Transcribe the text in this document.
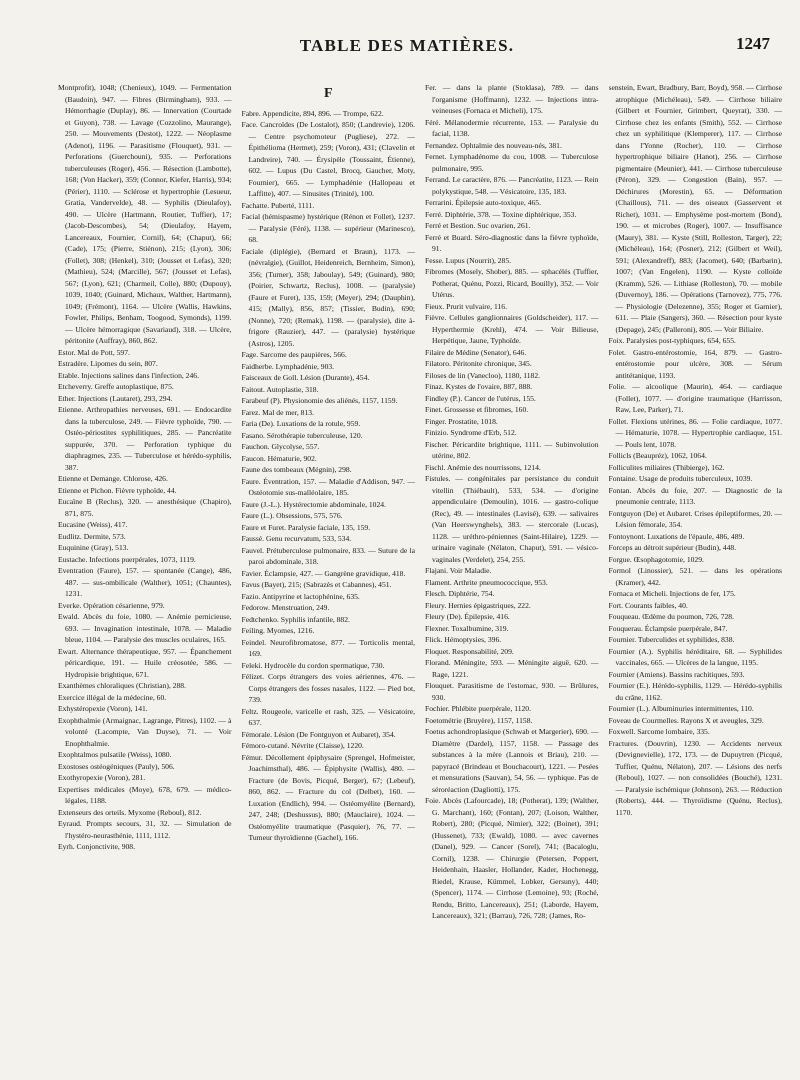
TABLE DES MATIÈRES.	1247

Montprofit), 1048; (Chenieux), 1049. — Fermentation (Baudoin), 947. — Fibres (Birmingham), 933. — Hémorrhagie (Duplay), 86. — Innervation (Courtade et Guyon), 738. — Lavage (Cozzolino, Maurange), 250. — Mouvements (Destot), 1222. — Néoplasme (Adenot), 1196. — Parasitisme (Flouquet), 931. — Perforations (Guerchouni), 935. — Perforations tuberculeuses (Roger), 456. — Résection (Lambotte), 168; (Von Hacker), 359; (Connor, Kiefer, Harris), 934; (Périer), 1110. — Sclérose et hypertrophie (Lesueur, Gratia, Vandervelde), 48. — Syphilis (Dieulafoy), 490. — Ulcère (Hartmann, Routier, Tuffier), 17; (Jacob-Descombes), 54; (Dieulafoy, Hayem, Lancereaux, Fournier, Cornil), 64; (Chaput), 66; (Cade), 175; (Pierre, Stiénon), 215; (Lyon), 306; (Follet), 308; (Henkel), 310; (Jousset et Lefas), 320; (Mathieu), 524; (Marcille), 567; (Jousset et Lefas), 567; (Lyon), 621; (Charmeil, Colle), 880; (Dupouy), 1039, 1040; (Guinard, Michaux, Walther, Hartmann), 1049; (Frémont), 1164. — Ulcère (Wallis, Hawkins, Fowler, Philips, Benham, Toogood, Symonds), 1199. — Ulcère hémorragique (Savariaud), 318. — Ulcère, péritonite (Auffray), 860, 862.

Estor. Mal de Pott, 597.

Estradère. Lipomes du sein, 807.

Etable. Injections salines dans l'infection, 246.

Etcheverry. Greffe autoplastique, 875.

Ether. Injections (Lautaret), 293, 294.

Etienne. Arthropathies nerveuses, 691. — Endocardite dans la tuberculose, 249. — Fièvre typhoïde, 790. — Ostéo-périostites syphilitiques, 285. — Pancréatite suppurée, 370. — Perforation typhique du diaphragmes, 235. — Tuberculose et hérédo-syphilis, 387.

Etienne et Demange. Chlorose, 426.

Etienne et Pichon. Fièvre typhoïde, 44.

Eucaïne B (Reclus), 320. — anesthésique (Chapiro), 871, 875.

Eucasine (Weiss), 417.

Eudlitz. Dermite, 573.

Euquinine (Gray), 513.

Eustache. Infections puerpérales, 1073, 1119.

Eventration (Faure), 157. — spontanée (Cange), 486, 487. — sus-ombilicale (Walther), 1051; (Chauntes), 1231.

Everke. Opération césarienne, 979.

Ewald. Abcès du foie, 1080. — Anémie pernicieuse, 693. — Invagination intestinale, 1078. — Maladie bleue, 1104. — Paralysie des muscles oculaires, 165.

Ewart. Alternance thérapeutique, 957. — Épanchement péricardique, 191. — Huile créosotée, 586. — Hydropisie brightique, 671.

Exanthèmes chloraliques (Christian), 288.

Exercice illégal de la médecine, 60.

Exhystéropexie (Voron), 141.

Exophthalmie (Armaignac, Lagrange, Pitres), 1102. — à volonté (Lacompte, Van Duyse), 71. — Voir Enophthalmie.

Exophtalmos pulsatile (Weiss), 1080.

Exostoses ostéogéniques (Pauly), 506.

Exothyropexie (Voron), 281.

Expertises médicales (Moye), 678, 679. — médico-légales, 1188.

Extenseurs des orteils. Myxome (Reboul), 812.

Eyraud. Prompts secours, 31, 32. — Simulation de l'hystéro-neurasthénie, 1111, 1112.

Eyrh. Conjonctivite, 908.

F

Fabre. Appendicite, 894, 896. — Trompe, 622.

Face. Cancroïdes (De Lostalot), 850; (Landrevie), 1206. — Centre psychomoteur (Pugliese), 272. — Épithélioma (Hermet), 259; (Voron), 431; (Clavelin et Landreire), 740. — Érysipèle (Toussaint, Étienne), 602. — Lupus (Du Castel, Brocq, Gaucher, Moty, Fournier), 665. — Lymphadénie (Hallopeau et Laffitte), 407. — Sinusites (Trinité), 100.

Fachatte. Puberté, 1111.

Facial (hémispasme) hystérique (Rénon et Follet), 1237. — Paralysie (Féré), 1138. — supérieur (Marinesco), 68.

Faciale (diplégie), (Bernard et Braun), 1173. — (névralgie), (Guillot, Heidenreich, Bernheim, Simon), 356; (Turner), 358; Jaboulay), 549; (Guinard), 980; (Poirier, Schwartz, Reclus), 1008. — (paralysie) (Faure et Furet), 135, 159; (Meyer), 294; (Dauphin), 415; (Mally), 856, 857; (Tissier, Budin), 690; (Nonne), 720; (Remak), 1198. — (paralysie), dite à-frigore (Rauzier), 447. — (paralysie) hystérique (Astros), 1205.

Fage. Sarcome des paupières, 566.

Faidherbe. Lymphadénie, 903.

Faisceaux de Goll. Lésion (Durante), 454.

Faitout. Autoplastie, 318.

Farabeuf (P). Physionomie des aliénés, 1157, 1159.

Farez. Mal de mer, 813.

Faria (De). Luxations de la rotule, 959.

Fasano. Sérothérapie tuberculeuse, 120.

Fauchon. Glycolyse, 557.

Faucon. Hématurie, 902.

Faune des tombeaux (Mégnin), 298.

Faure. Éventration, 157. — Maladie d'Addison, 947. — Ostéotomie sus-malléolaire, 185.

Faure (J.-L.). Hystérectomie abdominale, 1024.

Faure (L.). Obsessions, 575, 576.

Faure et Furet. Paralysie faciale, 135, 159.

Faussé. Genu recurvatum, 533, 534.

Fauvel. Prétuberculose pulmonaire, 833. — Suture de la paroi abdominale, 318.

Favier. Éclampsie, 427. — Gangrène gravidique, 418.

Favus (Bayet), 215; (Sabrazès et Cabannes), 451.

Fazio. Antipyrine et lactophénine, 635.

Fedorow. Menstruation, 249.

Fedtchenko. Syphilis infantile, 882.

Feiling. Myomes, 1216.

Feindel. Neurofibromatose, 877. — Torticolis mental, 169.

Feleki. Hydrocèle du cordon spermatique, 730.

Félizet. Corps étrangers des voies aériennes, 476. — Corps étrangers des fosses nasales, 1122. — Pied bot, 739.

Feltz. Rougeole, varicelle et rash, 325. — Vésicatoire, 637.

Fémorale. Lésion (De Fontguyon et Aubaret), 354.

Fémoro-cutané. Névrite (Claisse), 1220.

Fémur. Décollement épiphysaire (Sprengel, Hofmeister, Joachimsthal), 486. — Épiphysite (Wallis), 480. — Fracture (de Bovis, Picqué, Berger), 67; (Lebeuf), 860, 862. — Fracture du col (Delbet), 160. — Luxation (Endlich), 994. — Ostéomyélite (Bernard), 247, 248; (Deshussus), 880; (Mauclaire), 1024. — Ostéomyélite traumatique (Pasquier), 76, 77. — Tumeur thyroïdienne (Gachel), 166.

Fer. — dans la plante (Stoklasa), 789. — dans l'organisme (Hoffmann), 1232. — Injections intra-veineuses (Fornaca et Micheli), 175.

Féré. Mélanodermie récurrente, 153. — Paralysie du facial, 1138.

Fernandez. Ophtalmie des nouveau-nés, 381.

Fernet. Lymphadénome du cou, 1008. — Tuberculose pulmonaire, 995.

Ferrand. Le caractère, 876. — Pancréatite, 1123. — Rein polykystique, 548. — Vésicatoire, 135, 183.

Ferrarini. Épilepsie auto-toxique, 465.

Ferré. Diphtérie, 378. — Toxine diphtérique, 353.

Ferré et Bestion. Suc ovarien, 261.

Ferré et Buard. Séro-diagnostic dans la fièvre typhoïde, 91.

Fesse. Lupus (Nourrit), 285.

Fibromes (Mosely, Shober), 885. — sphacélés (Tuffier, Potherat, Quénu, Pozzi, Ricard, Bouilly), 352. — Voir Utérus.

Fieux. Prurit vulvaire, 116.

Fièvre. Cellules ganglionnaires (Goldscheider), 117. — Hyperthermie (Krehl), 474. — Voir Bilieuse, Herpétique, Jaune, Typhoïde.

Filaire de Médine (Senator), 646.

Filatoro. Péritonite chronique, 345.

Filoses de lin (Vanecloo), 1180, 1182.

Finaz. Kystes de l'ovaire, 887, 888.

Findley (P.). Cancer de l'utérus, 155.

Finet. Grossesse et fibromes, 160.

Finger. Prostatite, 1018.

Finizio. Syndrome d'Erb, 512.

Fischer. Péricardite brightique, 1111. — Subinvolution utérine, 802.

Fischl. Anémie des nourrissons, 1214.

Fistules. — congénitales par persistance du conduit vitellin (Thiébault), 533, 534. — d'origine appendiculaire (Demoulin), 1016. — gastro-colique (Rec), 49. — intestinales (Lavisé), 639. — salivaires (Van Heerswynghels), 383. — stercorale (Lucas), 1128. — uréthro-péniennes (Saint-Hilaire), 1229. — urinaire vaginale (Nélaton, Chaput), 591. — vésico-vaginales (Verdelet), 254, 255.

Flajani. Voir Maladie.

Flament. Arthrite pneumococcique, 953.

Flesch. Diphtérie, 754.

Fleury. Hernies épigastriques, 222.

Fleury (De). Épilepsie, 416.

Flexner. Toxalbumine, 319.

Flick. Hémoptysies, 396.

Floquet. Responsabilité, 209.

Florand. Méningite, 593. — Méningite aiguë, 620. — Rage, 1221.

Flouquet. Parasitisme de l'estomac, 930. — Brûlures, 930.

Fochier. Phlébite puerpérale, 1120.

Foetométrie (Bruyère), 1157, 1158.

Foetus achondroplasique (Schwab et Margerier), 690. — Diamètre (Dardel), 1157, 1158. — Passage des substances à la mère (Lannois et Briau), 210. — papyracé (Brindeau et Bouchacourt), 1221. — Pesées et mensurations (Sauvan), 54, 56. — typhique. Pas de séroréaction (Dagliotti), 175.

Foie. Abcès (Lafourcade), 18; (Potherat), 139; (Walther, G. Marchant), 160; (Fontan), 207; (Loison, Walther, Robert), 280; (Picqué, Nimier), 322; (Boinet), 391; (Hussenet), 733; (Ewald), 1080. — avec cavernes (Danel), 929. — Cancer (Sorel), 741; (Bacaloglu, Cornil), 1238. — Chirurgie (Petersen, Poppert, Heidenhain, Haasler, Hollander, Kader, Hochenegg, Riedel, Krause, Kümmel, Lobker, Gersuny), 440; (Spencer), 1174. — Cirrhose (Lemoine), 93; (Roché, Rendu, Britto, Lancereaux), 251; (Laborde, Hayem, Lancereaux), 321; (Barrau), 726, 728; (James, Ro-

senstein, Ewart, Bradbury, Barr, Boyd), 958. — Cirrhose atrophique (Michéleau), 549. — Cirrhose biliaire (Gilbert et Fournier, Grimbert, Queyrat), 330. — Cirrhose chez les enfants (Smith), 552. — Cirrhose chez un syphilitique (Klemperer), 117. — Cirrhose dans l'Yonne (Rocher), 110. — Cirrhose hypertrophique biliaire (Hanot), 256. — Cirrhose pigmentaire (Meunier), 441. — Cirrhose tuberculeuse (Péron), 329. — Congestion (Bain), 957. — Déchirures (Morestin), 65. — Déformation (Chaillous), 711. — des oiseaux (Gasservent et Richet), 1031. — Emphysème post-mortem (Bond), 190. — et microbes (Roger), 1007. — Insuffisance (Maury), 381. — Kyste (Still, Rolleston, Targer), 22; (Michéleau), 164; (Posner), 212; (Gilbert et Weil), 591; (Alexandreff), 883; (Jacomet), 640; (Barbarin), 1007; (Van Engelen), 1190. — Kyste colloïde (Kramm), 526. — Lithiase (Rolleston), 70. — mobile (Duvernoy), 186. — Opérations (Tarnovez), 775, 776. — Physiologie (Delezenne), 355; Roger et Garnier), 611. — Plaie (Sangers), 360. — Résection pour kyste (Depage), 245; (Palleroni), 805. — Voir Biliaire.

Foix. Paralysies post-typhiques, 654, 655.

Folet. Gastro-entérostomie, 164, 879. — Gastro-entérostomie pour ulcère, 308. — Sérum antitétanique, 1193.

Folie. — alcoolique (Maurin), 464. — cardiaque (Follet), 1077. — d'origine traumatique (Harrisson, Raw, Lee, Parker), 71.

Follet. Flexions utérines, 86. — Folie cardiaque, 1077. — Hématurie, 1078. — Hypertrophie cardiaque, 151. — Pouls lent, 1078.

Follicls (Beaupréz), 1062, 1064.

Folliculites miliaires (Thibierge), 162.

Fontaine. Usage de produits tuberculeux, 1039.

Fontan. Abcès du foie, 207. — Diagnostic de la pneumonie centrale, 1113.

Fontguyon (De) et Aubaret. Crises épileptiformes, 20. — Lésion fémorale, 354.

Fontoynont. Luxations de l'épaule, 486, 489.

Forceps au détroit supérieur (Budin), 448.

Forgue. Œsophagotomie, 1029.

Formol (Linossier), 521. — dans les opérations (Kramer), 442.

Fornaca et Micheli. Injections de fer, 175.

Fort. Courants faibles, 40.

Fouqueau. Œdème du poumon, 726, 728.

Fouquerau. Éclampsie puerpérale, 847.

Fournier. Tuberculides et syphilides, 838.

Fournier (A.). Syphilis héréditaire, 68. — Syphilides vaccinales, 665. — Ulcères de la langue, 1195.

Fournier (Amiens). Bassins rachitiques, 593.

Fournier (E.). Hérédo-syphilis, 1129. — Hérédo-syphilis du crâne, 1162.

Fournier (L.). Albuminuries intermittentes, 110.

Foveau de Courmelles. Rayons X et aveugles, 329.

Foxwell. Sarcome lombaire, 335.

Fractures. (Douvrin), 1230. — Accidents nerveux (Devignevielle), 172, 173. — de Dupuytren (Picqué, Tuffier, Quénu, Nélaton), 207. — Lésions des nerfs (Reboul), 1027. — non consolidées (Bouché), 1231. — Paralysie ischémique (Johnson), 263. — Réduction (Roberts), 444. — Thyroïdisme (Quénu, Reclus), 1170.
